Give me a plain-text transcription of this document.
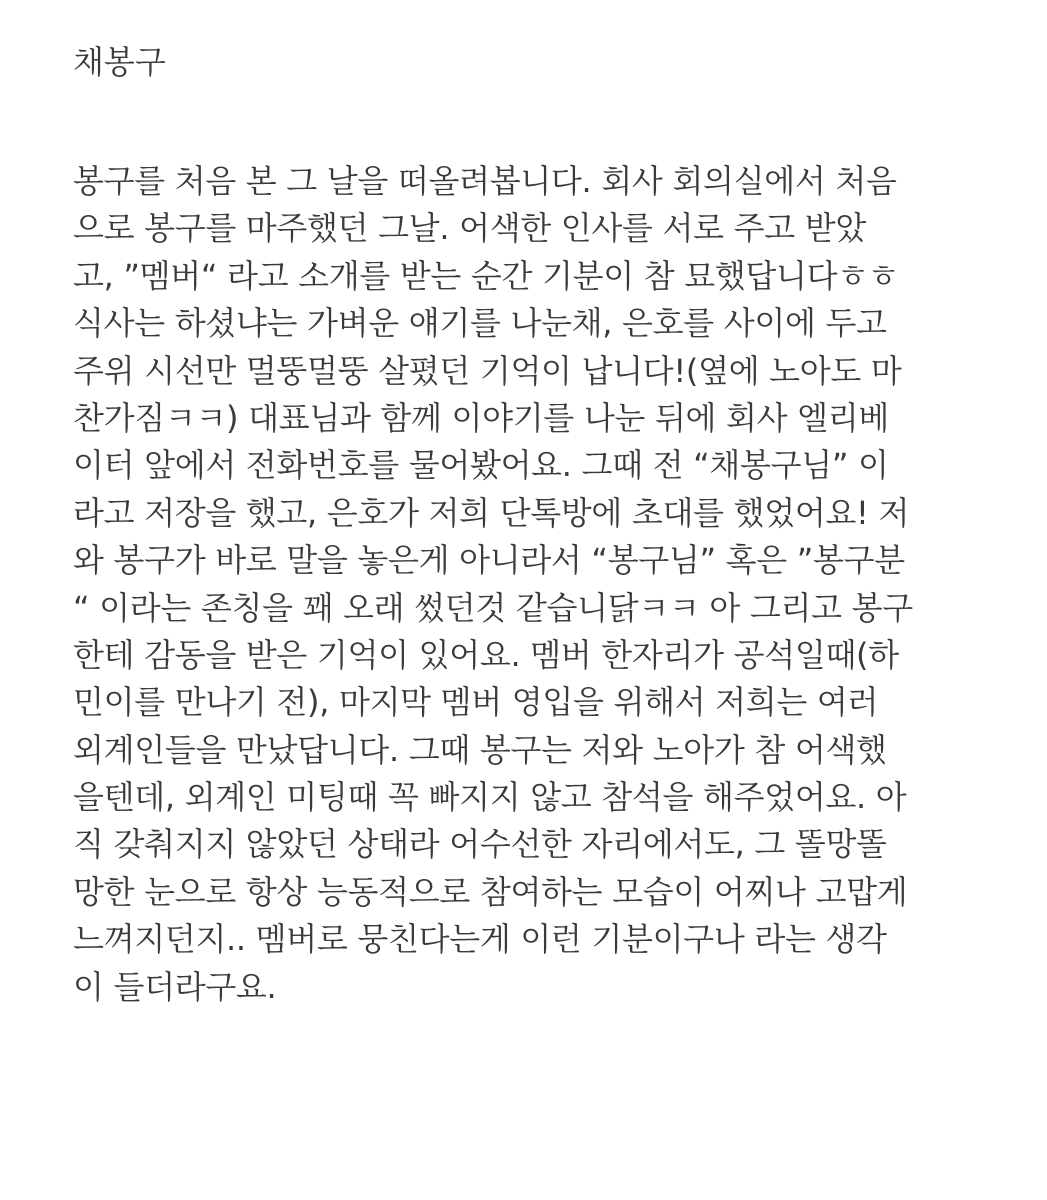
채봉구
봉구를 처음 본 그 날을 떠올려봅니다. 회사 회의실에서 처음
으로 봉구를 마주했던 그날. 어색한 인사를 서로 주고 받았
고, ”멤버“ 라고 소개를 받는 순간 기분이 참 묘했답니다ㅎㅎ
식사는 하셨냐는 가벼운 얘기를 나눈채, 은호를 사이에 두고
주위 시선만 멀뚱멀뚱 살폈던 기억이 납니다!(옆에 노아도 마
찬가짐ㅋㅋ) 대표님과 함께 이야기를 나눈 뒤에 회사 엘리베
이터 앞에서 전화번호를 물어봤어요. 그때 전 “채봉구님” 이
라고 저장을 했고, 은호가 저희 단톡방에 초대를 했었어요! 저
와 봉구가 바로 말을 놓은게 아니라서 “봉구님” 혹은 ”봉구분
“ 이라는 존칭을 꽤 오래 썼던것 같습니닭ㅋㅋ 아 그리고 봉구
한테 감동을 받은 기억이 있어요. 멤버 한자리가 공석일때(하
민이를 만나기 전), 마지막 멤버 영입을 위해서 저희는 여러
외계인들을 만났답니다. 그때 봉구는 저와 노아가 참 어색했
을텐데, 외계인 미팅때 꼭 빠지지 않고 참석을 해주었어요. 아
직 갖춰지지 않았던 상태라 어수선한 자리에서도, 그 똘망똘
망한 눈으로 항상 능동적으로 참여하는 모습이 어찌나 고맙게
느껴지던지.. 멤버로 뭉친다는게 이런 기분이구나 라는 생각
이 들더라구요.
